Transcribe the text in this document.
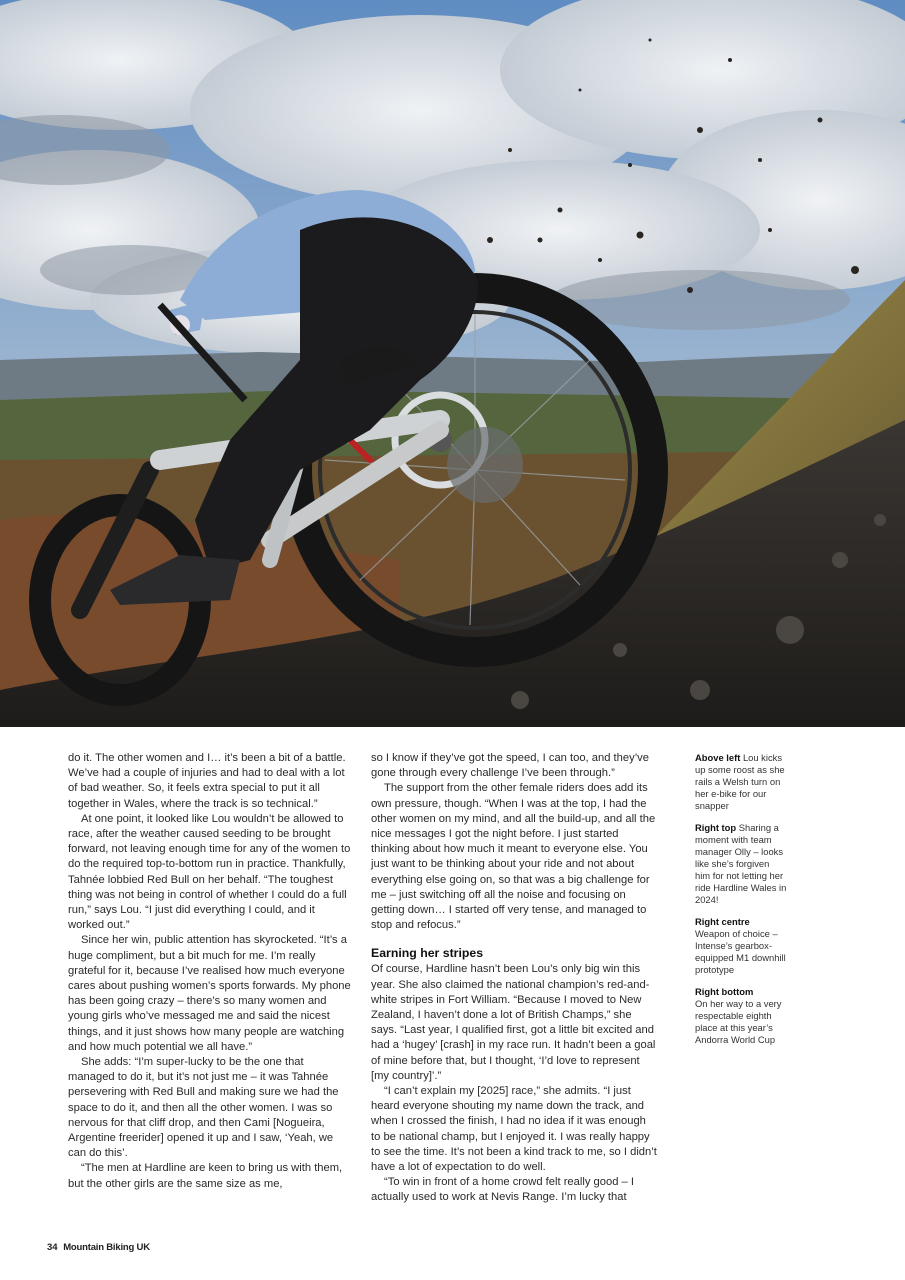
do it. The other women and I… it’s been a bit of a battle. We’ve had a couple of injuries and had to deal with a lot of bad weather. So, it feels extra special to put it all together in Wales, where the track is so technical.”

At one point, it looked like Lou wouldn’t be allowed to race, after the weather caused seeding to be brought forward, not leaving enough time for any of the women to do the required top-to-bottom run in practice. Thankfully, Tahnée lobbied Red Bull on her behalf. “The toughest thing was not being in control of whether I could do a full run,” says Lou. “I just did everything I could, and it worked out.”

Since her win, public attention has skyrocketed. “It’s a huge compliment, but a bit much for me. I’m really grateful for it, because I’ve realised how much everyone cares about pushing women’s sports forwards. My phone has been going crazy – there’s so many women and young girls who’ve messaged me and said the nicest things, and it just shows how many people are watching and how much potential we all have.”

She adds: “I’m super-lucky to be the one that managed to do it, but it’s not just me – it was Tahnée persevering with Red Bull and making sure we had the space to do it, and then all the other women. I was so nervous for that cliff drop, and then Cami [Nogueira, Argentine freerider] opened it up and I saw, ‘Yeah, we can do this’.

“The men at Hardline are keen to bring us with them, but the other girls are the same size as me,

so I know if they’ve got the speed, I can too, and they’ve gone through every challenge I’ve been through.”

The support from the other female riders does add its own pressure, though. “When I was at the top, I had the other women on my mind, and all the build-up, and all the nice messages I got the night before. I just started thinking about how much it meant to everyone else. You just want to be thinking about your ride and not about everything else going on, so that was a big challenge for me – just switching off all the noise and focusing on getting down… I started off very tense, and managed to stop and refocus.”

Earning her stripes

Of course, Hardline hasn’t been Lou’s only big win this year. She also claimed the national champion’s red-and-white stripes in Fort William. “Because I moved to New Zealand, I haven’t done a lot of British Champs,” she says. “Last year, I qualified first, got a little bit excited and had a ‘hugey’ [crash] in my race run. It hadn’t been a goal of mine before that, but I thought, ‘I’d love to represent [my country]’.”

“I can’t explain my [2025] race,” she admits. “I just heard everyone shouting my name down the track, and when I crossed the finish, I had no idea if it was enough to be national champ, but I enjoyed it. I was really happy to see the time. It’s not been a kind track to me, so I didn’t have a lot of expectation to do well.

“To win in front of a home crowd felt really good – I actually used to work at Nevis Range. I’m lucky that

Above left Lou kicks up some roost as she rails a Welsh turn on her e-bike for our snapper
Right top Sharing a moment with team manager Olly – looks like she’s forgiven him for not letting her ride Hardline Wales in 2024!
Right centre
Weapon of choice – Intense’s gearbox-equipped M1 downhill prototype
Right bottom
On her way to a very respectable eighth place at this year’s Andorra World Cup
34 Mountain Biking UK
